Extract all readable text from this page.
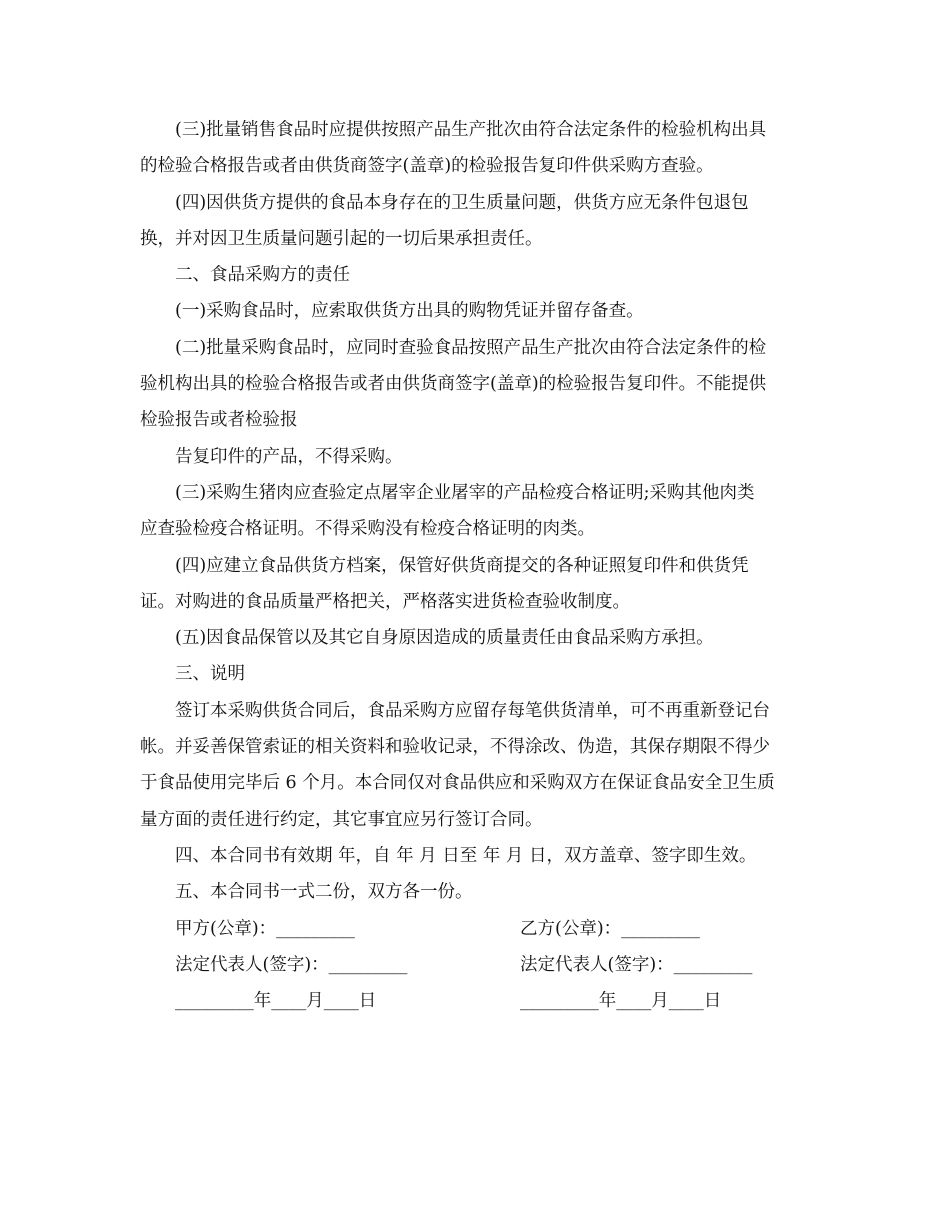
(三)批量销售食品时应提供按照产品生产批次由符合法定条件的检验机构出具
的检验合格报告或者由供货商签字(盖章)的检验报告复印件供采购方查验。
(四)因供货方提供的食品本身存在的卫生质量问题，供货方应无条件包退包
换，并对因卫生质量问题引起的一切后果承担责任。
二、食品采购方的责任
(一)采购食品时，应索取供货方出具的购物凭证并留存备查。
(二)批量采购食品时，应同时查验食品按照产品生产批次由符合法定条件的检
验机构出具的检验合格报告或者由供货商签字(盖章)的检验报告复印件。不能提供
检验报告或者检验报
告复印件的产品，不得采购。
(三)采购生猪肉应查验定点屠宰企业屠宰的产品检疫合格证明;采购其他肉类
应查验检疫合格证明。不得采购没有检疫合格证明的肉类。
(四)应建立食品供货方档案，保管好供货商提交的各种证照复印件和供货凭
证。对购进的食品质量严格把关，严格落实进货检查验收制度。
(五)因食品保管以及其它自身原因造成的质量责任由食品采购方承担。
三、说明
签订本采购供货合同后，食品采购方应留存每笔供货清单，可不再重新登记台
帐。并妥善保管索证的相关资料和验收记录，不得涂改、伪造，其保存期限不得少
于食品使用完毕后 6 个月。本合同仅对食品供应和采购双方在保证食品安全卫生质
量方面的责任进行约定，其它事宜应另行签订合同。
四、本合同书有效期 年，自 年 月 日至 年 月 日，双方盖章、签字即生效。
五、本合同书一式二份，双方各一份。
甲方(公章)：_________	乙方(公章)：_________
法定代表人(签字)：_________	法定代表人(签字)：_________
_________年____月____日	_________年____月____日
